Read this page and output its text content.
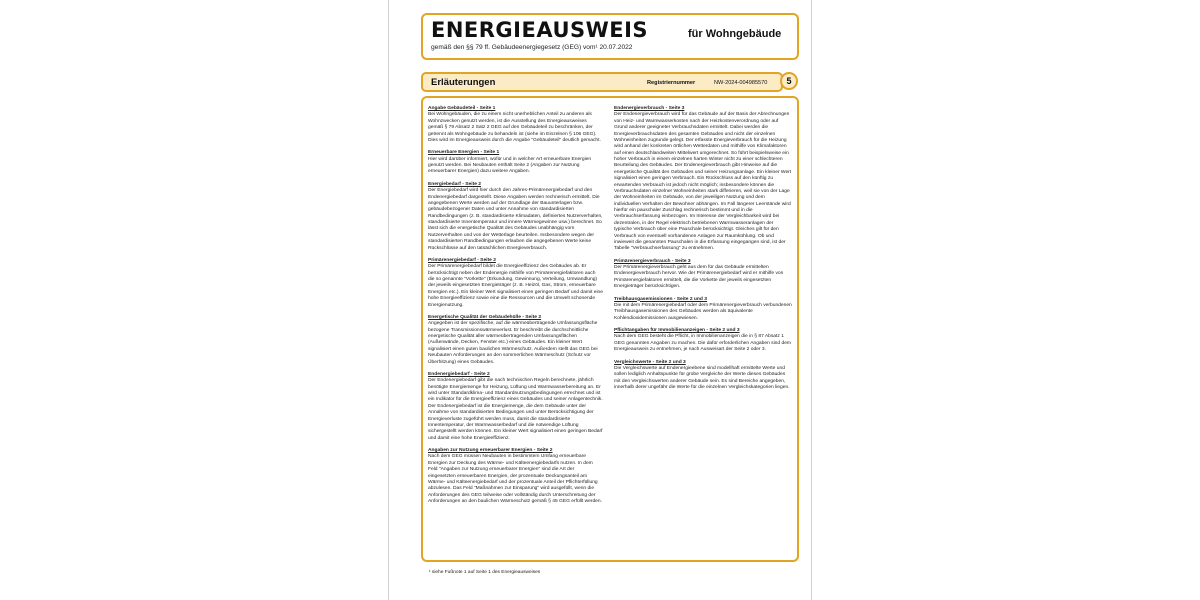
ENERGIEAUSWEIS	für Wohngebäude
gemäß den §§ 79 ff. Gebäudeenergiegesetz (GEG) vom¹ 20.07.2022
Erläuterungen	Registriernummer	NW-2024-004985570	5

Angabe Gebäudeteil - Seite 1

Bei Wohngebäuden, die zu einem nicht unerheblichen Anteil zu anderen als Wohnzwecken genutzt werden, ist die Ausstellung des Energieausweises gemäß § 79 Absatz 2 Satz 2 GEG auf den Gebäudeteil zu beschränken, der getrennt als Wohngebäude zu behandeln ist (siehe im Einzelnen § 106 GEG). Dies wird im Energieausweis durch die Angabe "Gebäudeteil" deutlich gemacht.

Erneuerbare Energien - Seite 1

Hier wird darüber informiert, wofür und in welcher Art erneuerbare Energien genutzt werden. Bei Neubauten enthält Seite 2 (Angaben zur Nutzung erneuerbarer Energien) dazu weitere Angaben.

Energiebedarf - Seite 2

Der Energiebedarf wird hier durch den Jahres-Primärenergiebedarf und den Endenergiebedarf dargestellt. Diese Angaben werden rechnerisch ermittelt. Die angegebenen Werte werden auf der Grundlage der Bauunterlagen bzw. gebäudebezogener Daten und unter Annahme von standardisierten Randbedingungen (z. B. standardisierte Klimadaten, definiertes Nutzerverhalten, standardisierte Innentemperatur und innere Wärmegewinne usw.) berechnet. So lässt sich die energetische Qualität des Gebäudes unabhängig vom Nutzerverhalten und von der Wetterlage beurteilen. Insbesondere wegen der standardisierten Randbedingungen erlauben die angegebenen Werte keine Rückschlüsse auf den tatsächlichen Energieverbrauch.

Primärenergiebedarf - Seite 2

Der Primärenergiebedarf bildet die Energieeffizienz des Gebäudes ab. Er berücksichtigt neben der Endenergie mithilfe von Primärenergiefaktoren auch die so genannte "Vorkette" (Erkundung, Gewinnung, Verteilung, Umwandlung) der jeweils eingesetzten Energieträger (z. B. Heizöl, Gas, Strom, erneuerbare Energien etc.). Ein kleiner Wert signalisiert einen geringen Bedarf und damit eine hohe Energieeffizienz sowie eine die Ressourcen und die Umwelt schonende Energienutzung.

Energetische Qualität der Gebäudehülle - Seite 2

Angegeben ist der spezifische, auf die wärmeübertragende Umfassungsfläche bezogene Transmissionswärmeverlust. Er beschreibt die durchschnittliche energetische Qualität aller wärmeübertragenden Umfassungsflächen (Außenwände, Decken, Fenster etc.) eines Gebäudes. Ein kleiner Wert signalisiert einen guten baulichen Wärmeschutz. Außerdem stellt das GEG bei Neubauten Anforderungen an den sommerlichen Wärmeschutz (Schutz vor Überhitzung) eines Gebäudes.

Endenergiebedarf - Seite 2

Der Endenergiebedarf gibt die nach technischen Regeln berechnete, jährlich benötigte Energiemenge für Heizung, Lüftung und Warmwasserbereitung an. Er wird unter Standardklima- und Standardnutzungsbedingungen errechnet und ist ein Indikator für die Energieeffizienz eines Gebäudes und seiner Anlagentechnik. Der Endenergiebedarf ist die Energiemenge, die dem Gebäude unter der Annahme von standardisierten Bedingungen und unter Berücksichtigung der Energieverluste zugeführt werden muss, damit die standardisierte Innentemperatur, der Warmwasserbedarf und die notwendige Lüftung sichergestellt werden können. Ein kleiner Wert signalisiert einen geringen Bedarf und damit eine hohe Energieeffizienz.

Angaben zur Nutzung erneuerbarer Energien - Seite 2

Nach dem GEG müssen Neubauten in bestimmtem Umfang erneuerbare Energien zur Deckung des Wärme- und Kälteenergiebedarfs nutzen. In dem Feld "Angaben zur Nutzung erneuerbarer Energien" sind die Art der eingesetzten erneuerbaren Energien, der prozentuale Deckungsanteil am Wärme- und Kälteenergiebedarf und der prozentuale Anteil der Pflichterfüllung abzulesen. Das Feld "Maßnahmen zur Einsparung" wird ausgefüllt, wenn die Anforderungen des GEG teilweise oder vollständig durch Unterschreitung der Anforderungen an den baulichen Wärmeschutz gemäß § 45 GEG erfüllt werden.

Endenergieverbrauch - Seite 3

Der Endenergieverbrauch wird für das Gebäude auf der Basis der Abrechnungen von Heiz- und Warmwasserkosten nach der Heizkostenverordnung oder auf Grund anderer geeigneter Verbrauchsdaten ermittelt. Dabei werden die Energieverbrauchsdaten des gesamten Gebäudes und nicht der einzelnen Wohneinheiten zugrunde gelegt. Der erfasste Energieverbrauch für die Heizung wird anhand der konkreten örtlichen Wetterdaten und mithilfe von Klimafaktoren auf einen deutschlandweiten Mittelwert umgerechnet. So führt beispielsweise ein hoher Verbrauch in einem einzelnen harten Winter nicht zu einer schlechteren Beurteilung des Gebäudes. Der Endenergieverbrauch gibt Hinweise auf die energetische Qualität des Gebäudes und seiner Heizungsanlage. Ein kleiner Wert signalisiert einen geringen Verbrauch. Ein Rückschluss auf den künftig zu erwartenden Verbrauch ist jedoch nicht möglich; insbesondere können die Verbrauchsdaten einzelner Wohneinheiten stark differieren, weil sie von der Lage der Wohneinheiten im Gebäude, von der jeweiligen Nutzung und dem individuellen Verhalten der Bewohner abhängen. Im Fall längerer Leerstände wird hierfür ein pauschaler Zuschlag rechnerisch bestimmt und in die Verbrauchserfassung einbezogen. Im Interesse der Vergleichbarkeit wird bei dezentralen, in der Regel elektrisch betriebenen Warmwasseranlagen der typische Verbrauch über eine Pauschale berücksichtigt. Gleiches gilt für den Verbrauch von eventuell vorhandenen Anlagen zur Raumkühlung. Ob und inwieweit die genannten Pauschalen in die Erfassung eingegangen sind, ist der Tabelle "Verbrauchserfassung" zu entnehmen.

Primärenergieverbrauch - Seite 3

Der Primärenergieverbrauch geht aus dem für das Gebäude ermittelten Endenergieverbrauch hervor. Wie der Primärenergiebedarf wird er mithilfe von Primärenergiefaktoren ermittelt, die die Vorkette der jeweils eingesetzten Energieträger berücksichtigen.

Treibhausgasemissionen - Seite 2 und 3

Die mit dem Primärenergiebedarf oder dem Primärenergieverbrauch verbundenen Treibhausgasemissionen des Gebäudes werden als äquivalente Kohlendioxidemissionen ausgewiesen.

Pflichtangaben für Immobilienanzeigen - Seite 2 und 3

Nach dem GEG besteht die Pflicht, in Immobilienanzeigen die in § 87 Absatz 1 GEG genannten Angaben zu machen. Die dafür erforderlichen Angaben sind dem Energieausweis zu entnehmen, je nach Ausweisart der Seite 2 oder 3.

Vergleichswerte - Seite 2 und 3

Die Vergleichswerte auf Endenergieebene sind modellhaft ermittelte Werte und sollen lediglich Anhaltspunkte für grobe Vergleiche der Werte dieses Gebäudes mit den Vergleichswerten anderer Gebäude sein. Es sind Bereiche angegeben, innerhalb derer ungefähr die Werte für die einzelnen Vergleichskategorien liegen.

¹ siehe Fußnote 1 auf Seite 1 des Energieausweises
